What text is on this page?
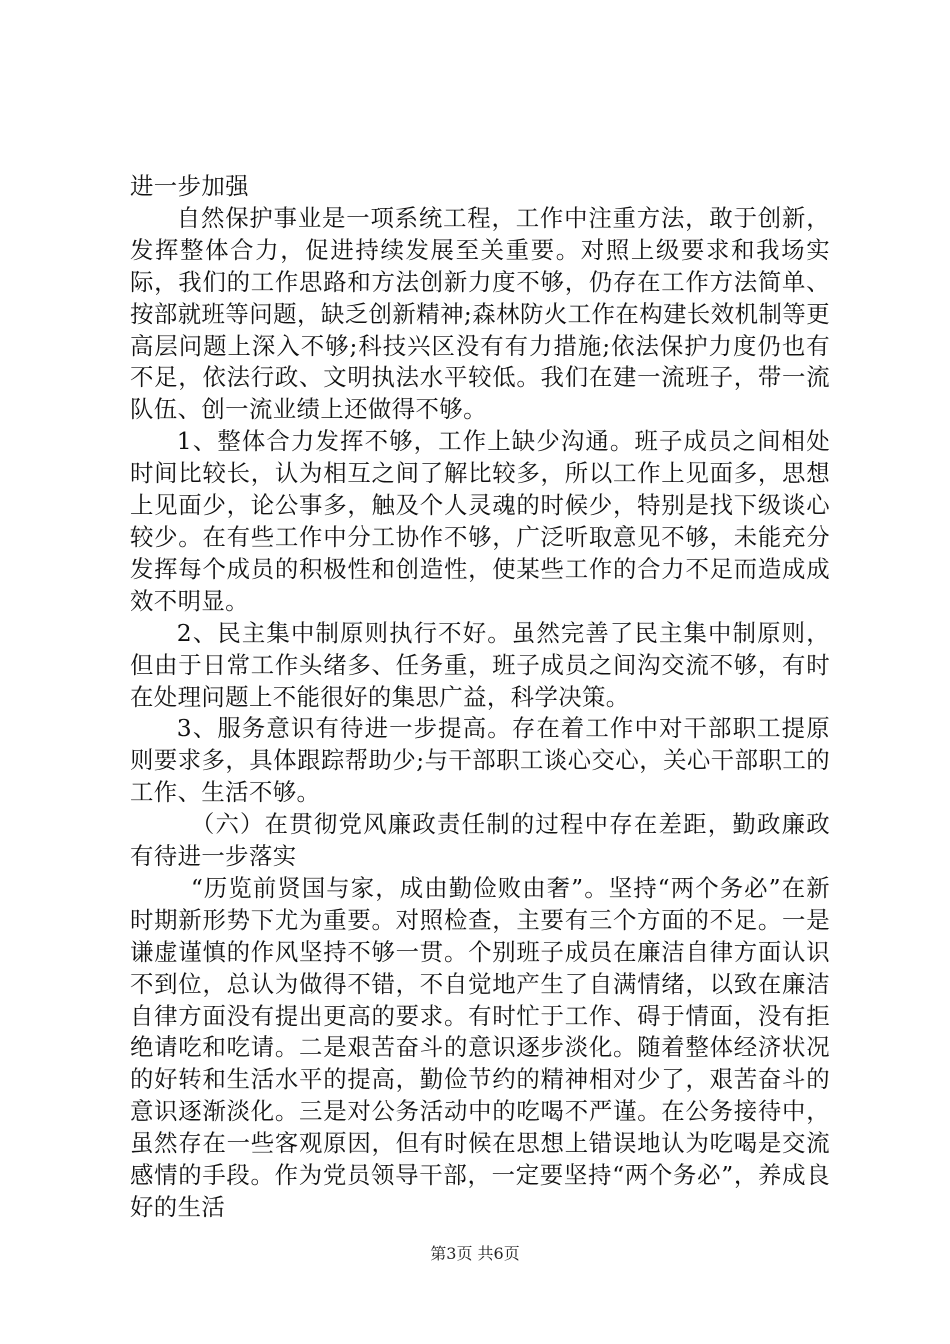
进一步加强

自然保护事业是一项系统工程，工作中注重方法，敢于创新，发挥整体合力，促进持续发展至关重要。对照上级要求和我场实际，我们的工作思路和方法创新力度不够，仍存在工作方法简单、按部就班等问题，缺乏创新精神;森林防火工作在构建长效机制等更高层问题上深入不够;科技兴区没有有力措施;依法保护力度仍也有不足，依法行政、文明执法水平较低。我们在建一流班子，带一流队伍、创一流业绩上还做得不够。

1、整体合力发挥不够，工作上缺少沟通。班子成员之间相处时间比较长，认为相互之间了解比较多，所以工作上见面多，思想上见面少，论公事多，触及个人灵魂的时候少，特别是找下级谈心较少。在有些工作中分工协作不够，广泛听取意见不够，未能充分发挥每个成员的积极性和创造性，使某些工作的合力不足而造成成效不明显。

2、民主集中制原则执行不好。虽然完善了民主集中制原则，但由于日常工作头绪多、任务重，班子成员之间沟交流不够，有时在处理问题上不能很好的集思广益，科学决策。

3、服务意识有待进一步提高。存在着工作中对干部职工提原则要求多，具体跟踪帮助少;与干部职工谈心交心，关心干部职工的工作、生活不够。

（六）在贯彻党风廉政责任制的过程中存在差距，勤政廉政有待进一步落实

“历览前贤国与家，成由勤俭败由奢”。坚持“两个务必”在新时期新形势下尤为重要。对照检查，主要有三个方面的不足。一是谦虚谨慎的作风坚持不够一贯。个别班子成员在廉洁自律方面认识不到位，总认为做得不错，不自觉地产生了自满情绪，以致在廉洁自律方面没有提出更高的要求。有时忙于工作、碍于情面，没有拒绝请吃和吃请。二是艰苦奋斗的意识逐步淡化。随着整体经济状况的好转和生活水平的提高，勤俭节约的精神相对少了，艰苦奋斗的意识逐渐淡化。三是对公务活动中的吃喝不严谨。在公务接待中，虽然存在一些客观原因，但有时候在思想上错误地认为吃喝是交流感情的手段。作为党员领导干部，一定要坚持“两个务必”，养成良好的生活

第3页 共6页
